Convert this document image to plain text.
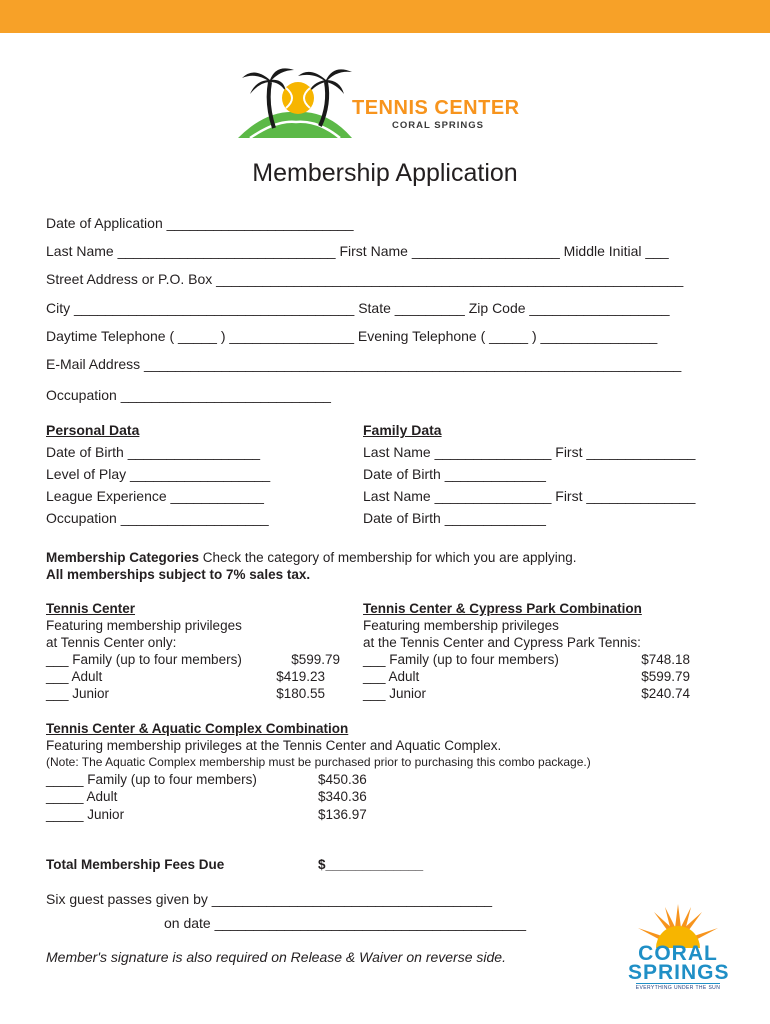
TENNIS CENTER
CORAL SPRINGS
Membership Application
Date of Application ________________________
Last Name ____________________________ First Name ___________________ Middle Initial ___
Street Address or P.O. Box ____________________________________________________________
City ____________________________________ State _________ Zip Code __________________
Daytime Telephone ( _____ ) ________________ Evening Telephone ( _____ ) _______________
E-Mail Address _____________________________________________________________________
Occupation ___________________________
Personal Data
Date of Birth _________________
Level of Play __________________
League Experience ____________
Occupation ___________________
Family Data
Last Name _______________ First ______________
Date of Birth _____________
Last Name _______________ First ______________
Date of Birth _____________
Membership Categories Check the category of membership for which you are applying.
All memberships subject to 7% sales tax.
Tennis Center
Featuring membership privileges
at Tennis Center only:
___ Family (up to four members)	$599.79
___ Adult	$419.23
___ Junior	$180.55
Tennis Center & Cypress Park Combination
Featuring membership privileges
at the Tennis Center and Cypress Park Tennis:
___ Family (up to four members)	$748.18
___ Adult	$599.79
___ Junior	$240.74
Tennis Center & Aquatic Complex Combination
Featuring membership privileges at the Tennis Center and Aquatic Complex.
(Note: The Aquatic Complex membership must be purchased prior to purchasing this combo package.)
_____ Family (up to four members)	$450.36
_____ Adult	$340.36
_____ Junior	$136.97
Total Membership Fees Due	$_____________
Six guest passes given by ____________________________________
on date ________________________________________
Member's signature is also required on Release & Waiver on reverse side.	CORAL
SPRINGS
EVERYTHING UNDER THE SUN
